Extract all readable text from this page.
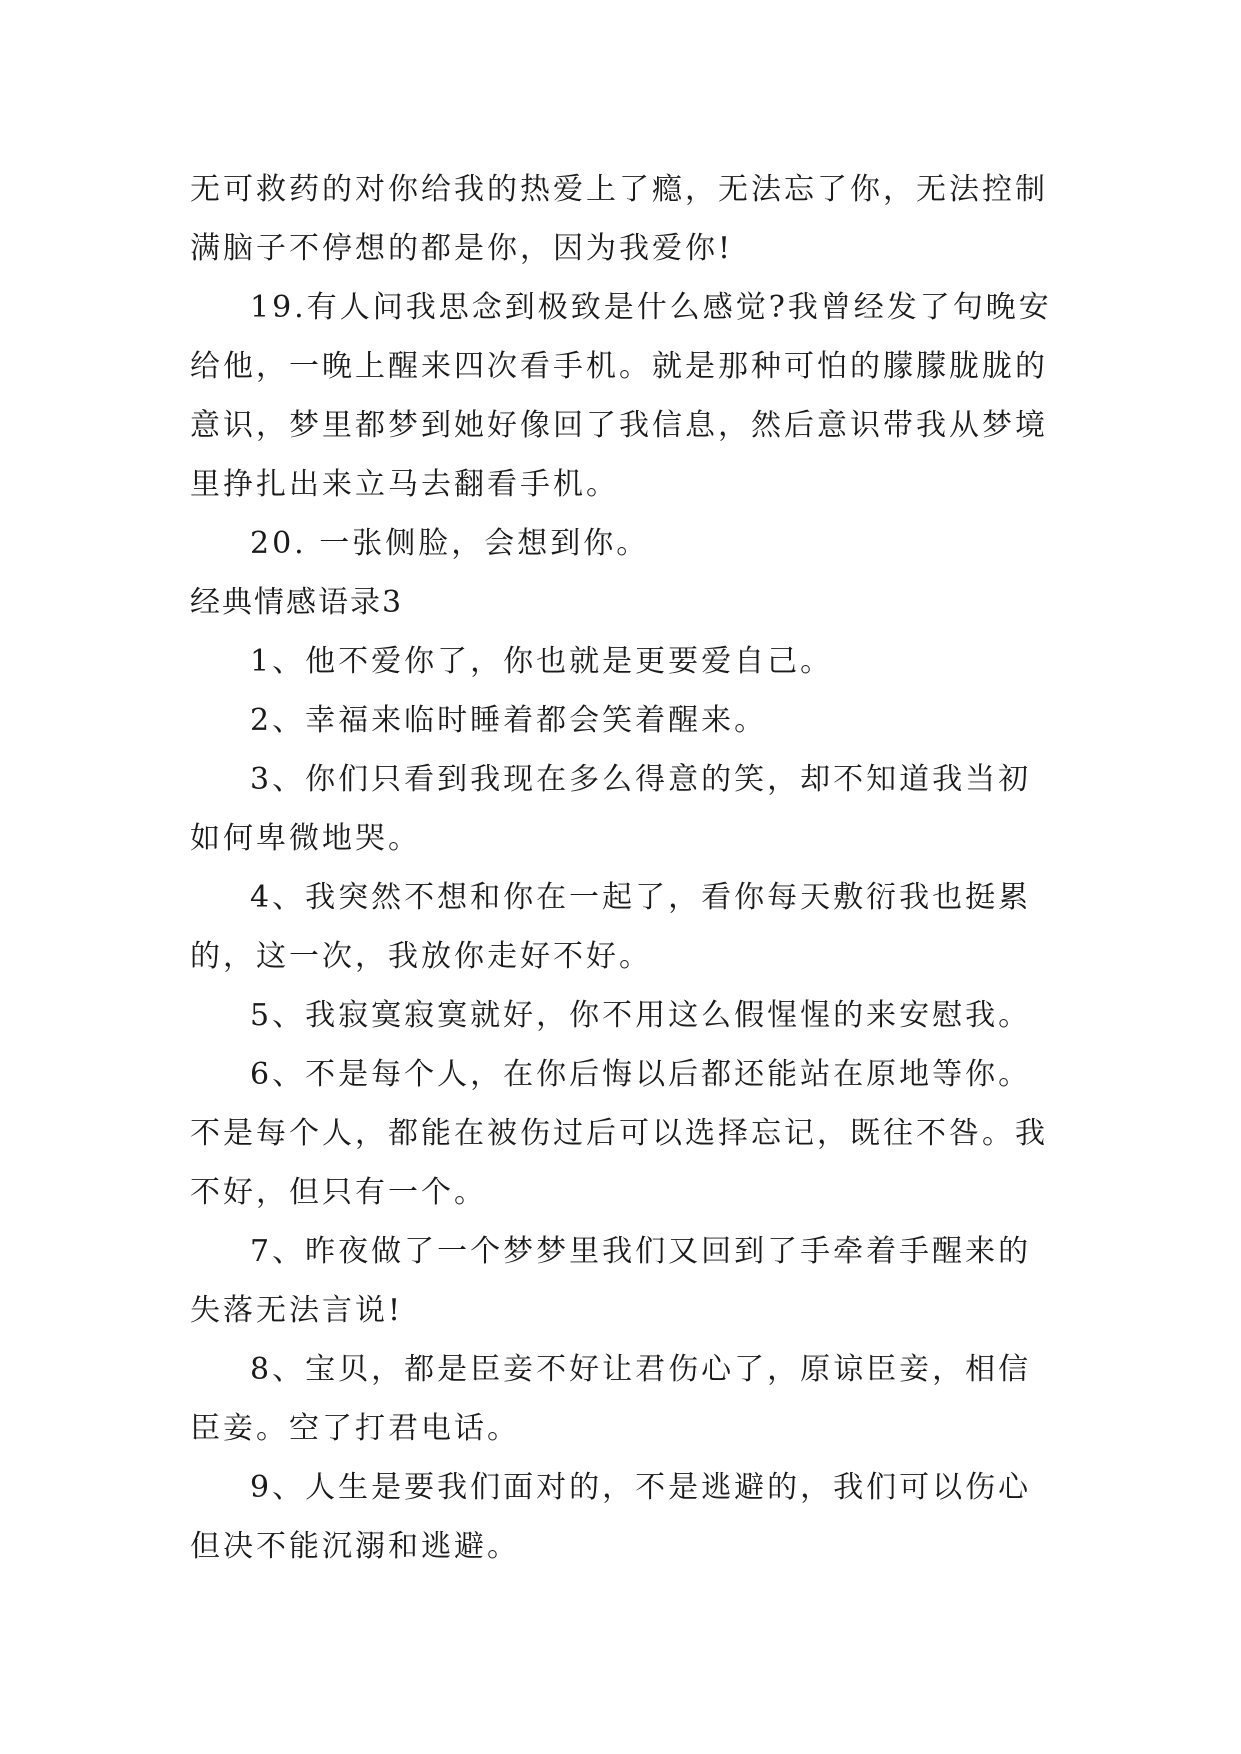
无可救药的对你给我的热爱上了瘾，无法忘了你，无法控制
满脑子不停想的都是你，因为我爱你!
19.有人问我思念到极致是什么感觉?我曾经发了句晚安
给他，一晚上醒来四次看手机。就是那种可怕的朦朦胧胧的
意识，梦里都梦到她好像回了我信息，然后意识带我从梦境
里挣扎出来立马去翻看手机。
20. 一张侧脸，会想到你。
经典情感语录3
1、他不爱你了，你也就是更要爱自己。
2、幸福来临时睡着都会笑着醒来。
3、你们只看到我现在多么得意的笑，却不知道我当初
如何卑微地哭。
4、我突然不想和你在一起了，看你每天敷衍我也挺累
的，这一次，我放你走好不好。
5、我寂寞寂寞就好，你不用这么假惺惺的来安慰我。
6、不是每个人，在你后悔以后都还能站在原地等你。
不是每个人，都能在被伤过后可以选择忘记，既往不咎。我
不好，但只有一个。
7、昨夜做了一个梦梦里我们又回到了手牵着手醒来的
失落无法言说!
8、宝贝，都是臣妾不好让君伤心了，原谅臣妾，相信
臣妾。空了打君电话。
9、人生是要我们面对的，不是逃避的，我们可以伤心
但决不能沉溺和逃避。
